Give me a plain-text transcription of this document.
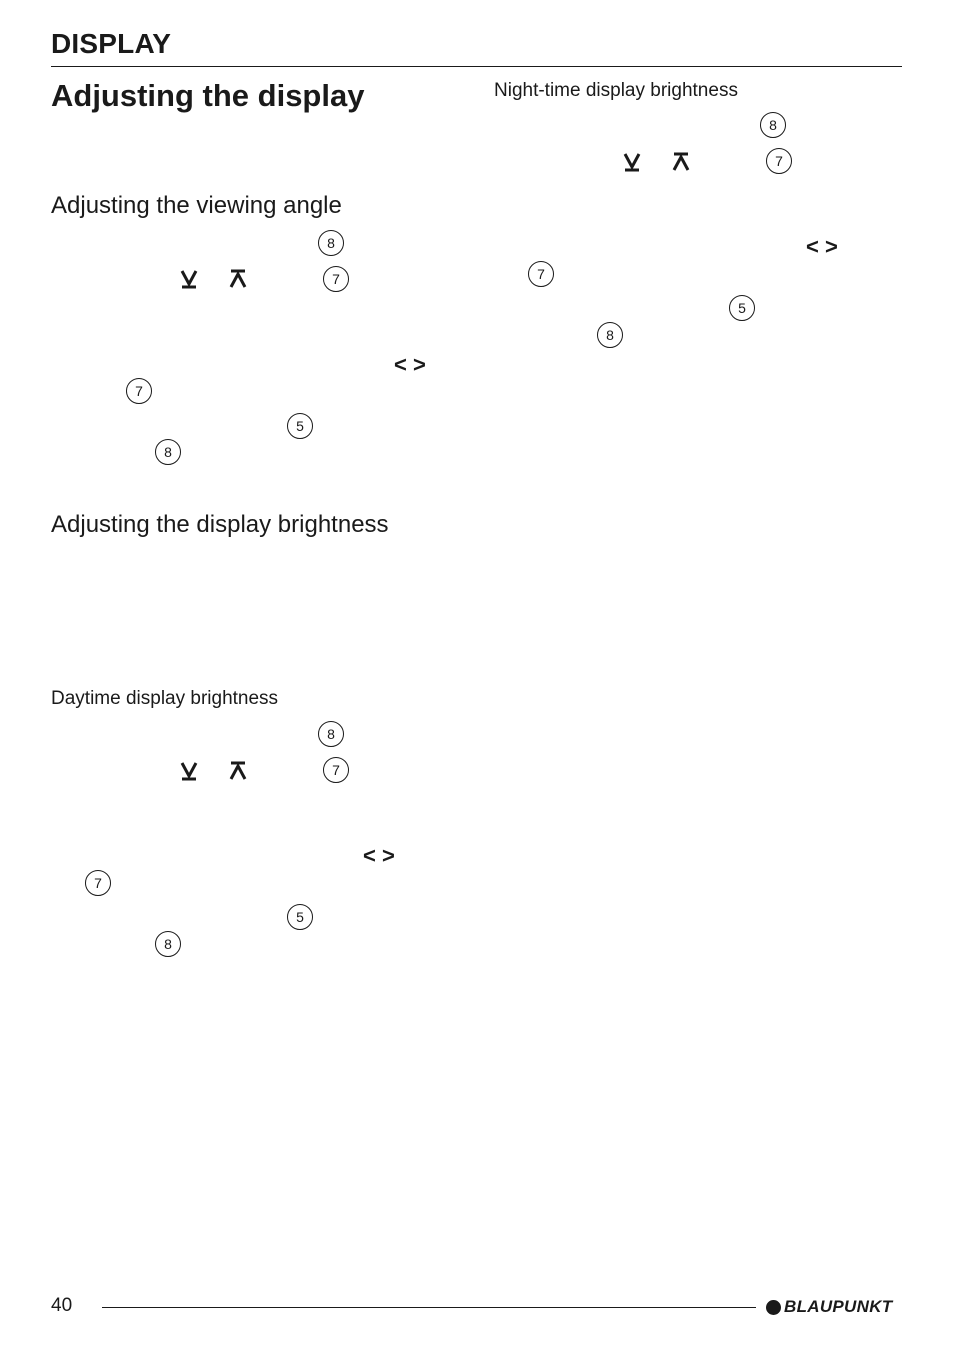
DISPLAY
Adjusting the display
Adjusting the viewing angle
8
7
< >
7
5
8
Adjusting the display brightness
Daytime display brightness
8
7
< >
7
5
8
Night-time display brightness
8
7
< >
7
5
8
40	BLAUPUNKT
